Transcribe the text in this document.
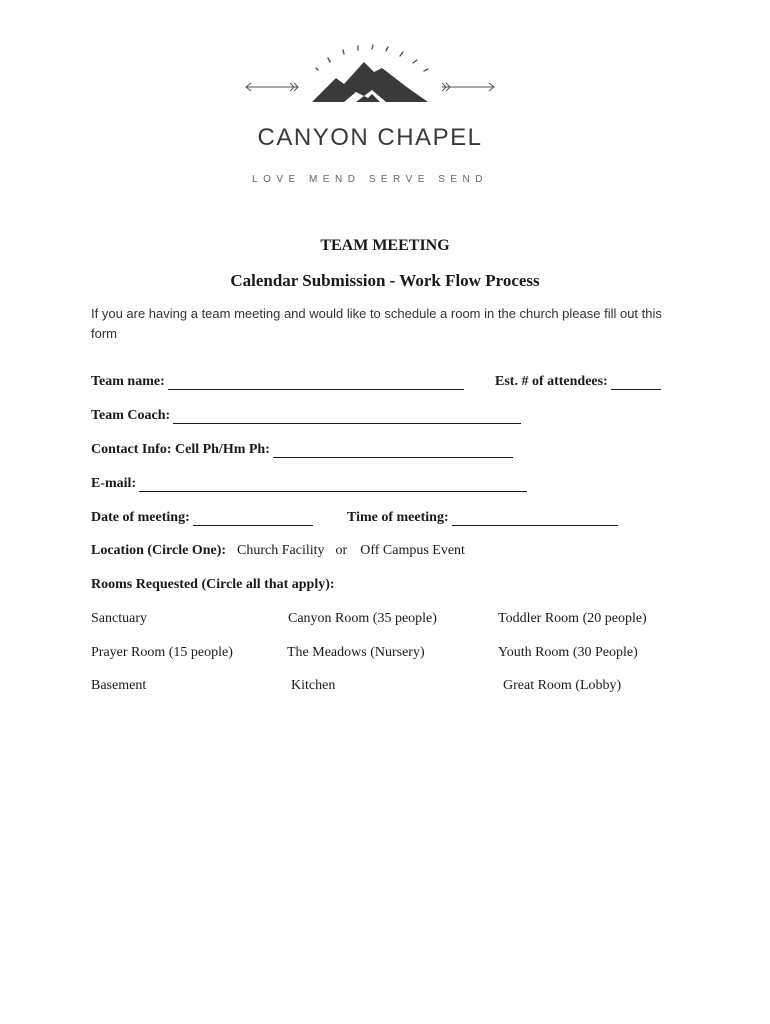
CANYON CHAPEL
LOVE MEND SERVE SEND
TEAM MEETING
Calendar Submission - Work Flow Process
If you are having a team meeting and would like to schedule a room in the church please fill out this form
Team name:	Est. # of attendees:
Team Coach:
Contact Info: Cell Ph/Hm Ph:
E-mail:
Date of meeting:	Time of meeting:
Location (Circle One): Church Facility or Off Campus Event
Rooms Requested (Circle all that apply):
Sanctuary	Canyon Room (35 people)	Toddler Room (20 people)
Prayer Room (15 people)	The Meadows (Nursery)	Youth Room (30 People)
Basement	Kitchen	Great Room (Lobby)
